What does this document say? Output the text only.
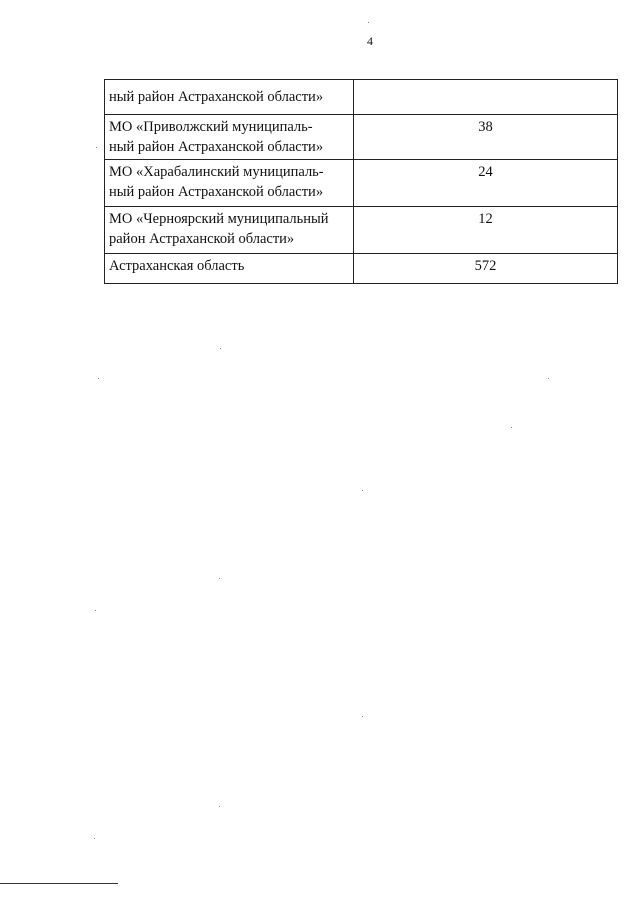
4
ный район Астраханской области»	

МО «Приволжский муниципаль-
ный район Астраханской области»	38

МО «Харабалинский муниципаль-
ный район Астраханской области»	24

МО «Черноярский муниципальный
район Астраханской области»	12

Астраханская область	572
